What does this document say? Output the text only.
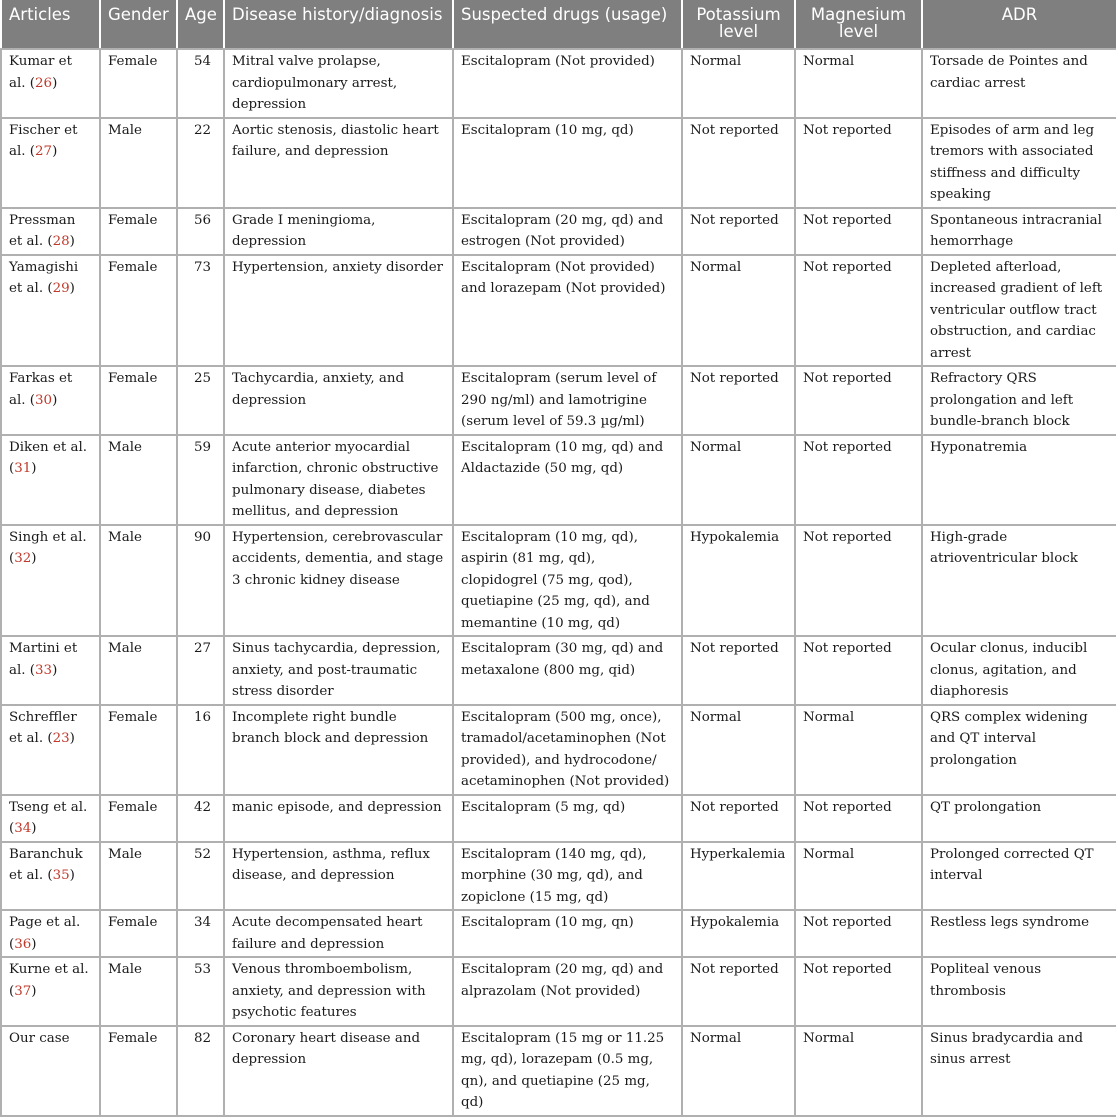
Articles	Gender	Age	Disease history/diagnosis	Suspected drugs (usage)	Potassium level	Magnesium level	ADR
Kumar et al. (26)	Female	54	Mitral valve prolapse, cardiopulmonary arrest, depression	Escitalopram (Not provided)	Normal	Normal	Torsade de Pointes and cardiac arrest
Fischer et al. (27)	Male	22	Aortic stenosis, diastolic heart failure, and depression	Escitalopram (10 mg, qd)	Not reported	Not reported	Episodes of arm and leg tremors with associated stiffness and difficulty speaking
Pressman et al. (28)	Female	56	Grade I meningioma, depression	Escitalopram (20 mg, qd) and estrogen (Not provided)	Not reported	Not reported	Spontaneous intracranial hemorrhage
Yamagishi et al. (29)	Female	73	Hypertension, anxiety disorder	Escitalopram (Not provided) and lorazepam (Not provided)	Normal	Not reported	Depleted afterload, increased gradient of left ventricular outflow tract obstruction, and cardiac arrest
Farkas et al. (30)	Female	25	Tachycardia, anxiety, and depression	Escitalopram (serum level of 290 ng/ml) and lamotrigine (serum level of 59.3 µg/ml)	Not reported	Not reported	Refractory QRS prolongation and left bundle-branch block
Diken et al. (31)	Male	59	Acute anterior myocardial infarction, chronic obstructive pulmonary disease, diabetes mellitus, and depression	Escitalopram (10 mg, qd) and Aldactazide (50 mg, qd)	Normal	Not reported	Hyponatremia
Singh et al. (32)	Male	90	Hypertension, cerebrovascular accidents, dementia, and stage 3 chronic kidney disease	Escitalopram (10 mg, qd), aspirin (81 mg, qd), clopidogrel (75 mg, qod), quetiapine (25 mg, qd), and memantine (10 mg, qd)	Hypokalemia	Not reported	High-grade atrioventricular block
Martini et al. (33)	Male	27	Sinus tachycardia, depression, anxiety, and post-traumatic stress disorder	Escitalopram (30 mg, qd) and metaxalone (800 mg, qid)	Not reported	Not reported	Ocular clonus, inducibl clonus, agitation, and diaphoresis
Schreffler et al. (23)	Female	16	Incomplete right bundle branch block and depression	Escitalopram (500 mg, once), tramadol/acetaminophen (Not provided), and hydrocodone/ acetaminophen (Not provided)	Normal	Normal	QRS complex widening and QT interval prolongation
Tseng et al. (34)	Female	42	manic episode, and depression	Escitalopram (5 mg, qd)	Not reported	Not reported	QT prolongation
Baranchuk et al. (35)	Male	52	Hypertension, asthma, reflux disease, and depression	Escitalopram (140 mg, qd), morphine (30 mg, qd), and zopiclone (15 mg, qd)	Hyperkalemia	Normal	Prolonged corrected QT interval
Page et al. (36)	Female	34	Acute decompensated heart failure and depression	Escitalopram (10 mg, qn)	Hypokalemia	Not reported	Restless legs syndrome
Kurne et al. (37)	Male	53	Venous thromboembolism, anxiety, and depression with psychotic features	Escitalopram (20 mg, qd) and alprazolam (Not provided)	Not reported	Not reported	Popliteal venous thrombosis
Our case	Female	82	Coronary heart disease and depression	Escitalopram (15 mg or 11.25 mg, qd), lorazepam (0.5 mg, qn), and quetiapine (25 mg, qd)	Normal	Normal	Sinus bradycardia and sinus arrest
